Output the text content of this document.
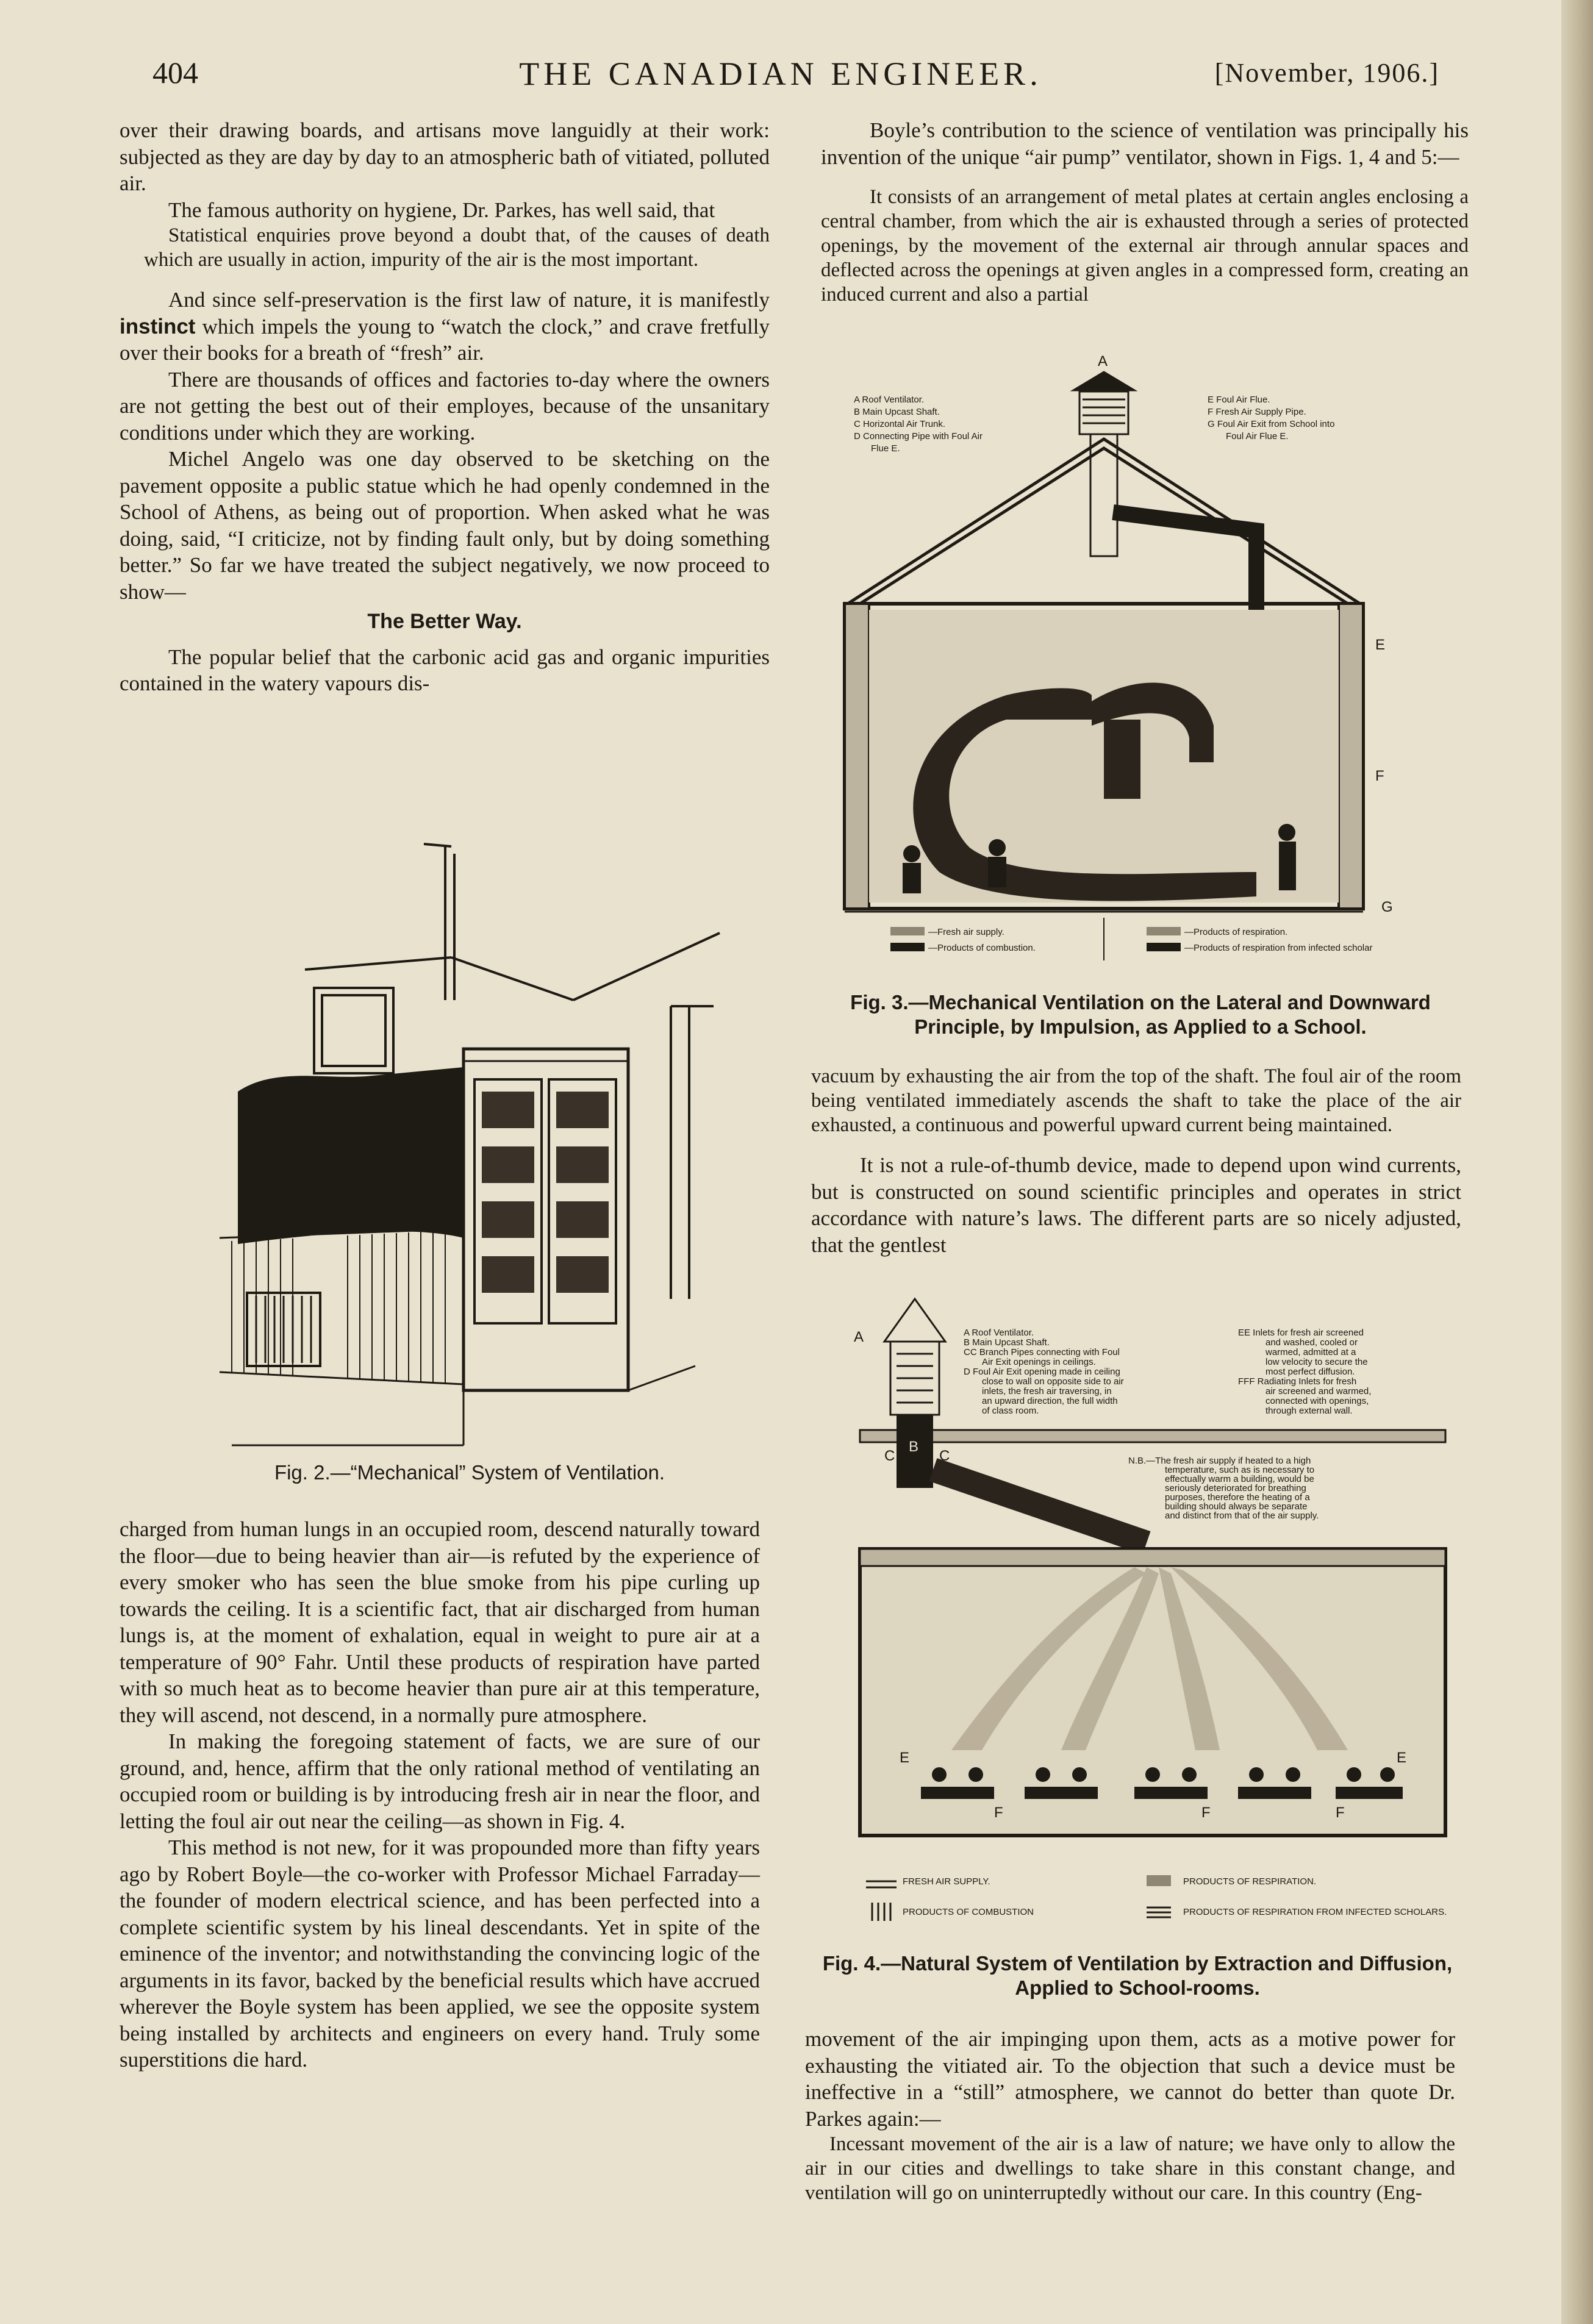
404	THE CANADIAN ENGINEER.	[November, 1906.]

over their drawing boards, and artisans move languidly at their work: subjected as they are day by day to an atmospheric bath of vitiated, polluted air.

The famous authority on hygiene, Dr. Parkes, has well said, that

Statistical enquiries prove beyond a doubt that, of the causes of death which are usually in action, impurity of the air is the most important.

And since self-preservation is the first law of nature, it is manifestly instinct which impels the young to “watch the clock,” and crave fretfully over their books for a breath of “fresh” air.

There are thousands of offices and factories to-day where the owners are not getting the best out of their employes, because of the unsanitary conditions under which they are working.

Michel Angelo was one day observed to be sketching on the pavement opposite a public statue which he had openly condemned in the School of Athens, as being out of proportion. When asked what he was doing, said, “I criticize, not by finding fault only, but by doing something better.” So far we have treated the subject negatively, we now proceed to show—

The Better Way.

The popular belief that the carbonic acid gas and organic impurities contained in the watery vapours dis-

Fig. 2.—“Mechanical” System of Ventilation.

charged from human lungs in an occupied room, descend naturally toward the floor—due to being heavier than air—is refuted by the experience of every smoker who has seen the blue smoke from his pipe curling up towards the ceiling. It is a scientific fact, that air discharged from human lungs is, at the moment of exhalation, equal in weight to pure air at a temperature of 90° Fahr. Until these products of respiration have parted with so much heat as to become heavier than pure air at this temperature, they will ascend, not descend, in a normally pure atmosphere.

In making the foregoing statement of facts, we are sure of our ground, and, hence, affirm that the only rational method of ventilating an occupied room or building is by introducing fresh air in near the floor, and letting the foul air out near the ceiling—as shown in Fig. 4.

This method is not new, for it was propounded more than fifty years ago by Robert Boyle—the co-worker with Professor Michael Farraday—the founder of modern electrical science, and has been perfected into a complete scientific system by his lineal descendants. Yet in spite of the eminence of the inventor; and notwithstanding the convincing logic of the arguments in its favor, backed by the beneficial results which have accrued wherever the Boyle system has been applied, we see the opposite system being installed by architects and engineers on every hand. Truly some superstitions die hard.

Boyle’s contribution to the science of ventilation was principally his invention of the unique “air pump” ventilator, shown in Figs. 1, 4 and 5:—

It consists of an arrangement of metal plates at certain angles enclosing a central chamber, from which the air is exhausted through a series of protected openings, by the movement of the external air through annular spaces and deflected across the openings at given angles in a compressed form, creating an induced current and also a partial

A Roof Ventilator.
B Main Upcast Shaft.
C Horizontal Air Trunk.
D Connecting Pipe with Foul Air
Flue E.
E Foul Air Flue.
F Fresh Air Supply Pipe.
G Foul Air Exit from School into
Foul Air Flue E.
A
D
E
F
G
—Fresh air supply.
—Products of combustion.
—Products of respiration.
—Products of respiration from infected scholar
Fig. 3.—Mechanical Ventilation on the Lateral and Downward Principle, by Impulsion, as Applied to a School.

vacuum by exhausting the air from the top of the shaft. The foul air of the room being ventilated immediately ascends the shaft to take the place of the air exhausted, a continuous and powerful upward current being maintained.

It is not a rule-of-thumb device, made to depend upon wind currents, but is constructed on sound scientific principles and operates in strict accordance with nature’s laws. The different parts are so nicely adjusted, that the gentlest

A Roof Ventilator.
B Main Upcast Shaft.
CC Branch Pipes connecting with Foul
Air Exit openings in ceilings.
D Foul Air Exit opening made in ceiling
close to wall on opposite side to air
inlets, the fresh air traversing, in
an upward direction, the full width
of class room.
EE Inlets for fresh air screened
and washed, cooled or
warmed, admitted at a
low velocity to secure the
most perfect diffusion.
FFF Radiating Inlets for fresh
air screened and warmed,
connected with openings,
through external wall.
A
B
C	C	N.B.—The fresh air supply if heated to a high
temperature, such as is necessary to
effectually warm a building, would be
seriously deteriorated for breathing
purposes, therefore the heating of a
building should always be separate
and distinct from that of the air supply.
E	E
F	F	F
FRESH AIR SUPPLY.	PRODUCTS OF RESPIRATION.
PRODUCTS OF COMBUSTION	PRODUCTS OF RESPIRATION FROM INFECTED SCHOLARS.
Fig. 4.—Natural System of Ventilation by Extraction and Diffusion, Applied to School-rooms.

movement of the air impinging upon them, acts as a motive power for exhausting the vitiated air. To the objection that such a device must be ineffective in a “still” atmosphere, we cannot do better than quote Dr. Parkes again:—

Incessant movement of the air is a law of nature; we have only to allow the air in our cities and dwellings to take share in this constant change, and ventilation will go on uninterruptedly without our care. In this country (Eng-
